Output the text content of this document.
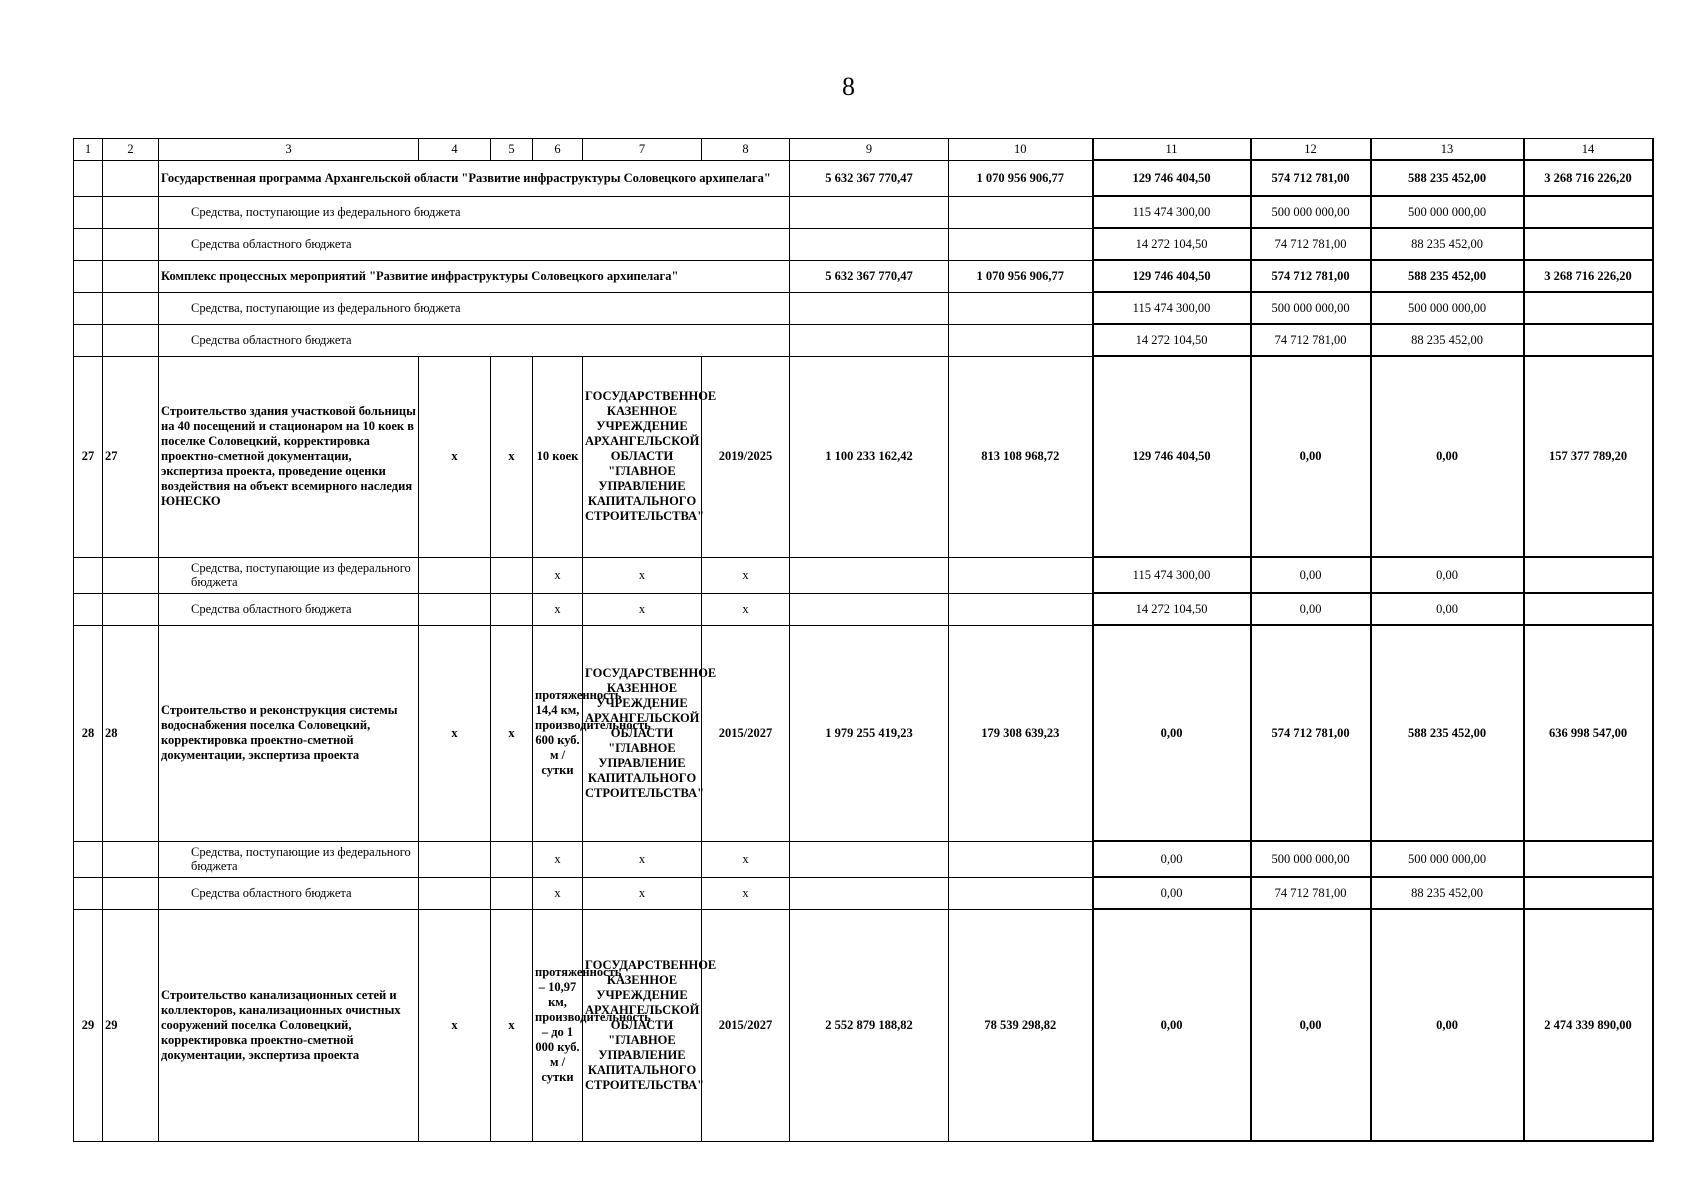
8
1	2	3	4	5	6	7	8	9	10	11	12	13	14
		Государственная программа Архангельской области "Развитие инфраструктуры Соловецкого архипелага"						5 632 367 770,47	1 070 956 906,77	129 746 404,50	574 712 781,00	588 235 452,00	3 268 716 226,20
		Средства, поступающие из федерального бюджета								115 474 300,00	500 000 000,00	500 000 000,00	
		Средства областного бюджета								14 272 104,50	74 712 781,00	88 235 452,00	
		Комплекс процессных мероприятий "Развитие инфраструктуры Соловецкого архипелага"						5 632 367 770,47	1 070 956 906,77	129 746 404,50	574 712 781,00	588 235 452,00	3 268 716 226,20
		Средства, поступающие из федерального бюджета								115 474 300,00	500 000 000,00	500 000 000,00	
		Средства областного бюджета								14 272 104,50	74 712 781,00	88 235 452,00	
27	27	Строительство здания участковой больницы на 40 посещений и стационаром на 10 коек в поселке Соловецкий, корректировка проектно-сметной документации, экспертиза проекта, проведение оценки воздействия на объект всемирного наследия ЮНЕСКО	х	х	10 коек	ГОСУДАРСТВЕННОЕ КАЗЕННОЕ УЧРЕЖДЕНИЕ АРХАНГЕЛЬСКОЙ ОБЛАСТИ "ГЛАВНОЕ УПРАВЛЕНИЕ КАПИТАЛЬНОГО СТРОИТЕЛЬСТВА"	2019/2025	1 100 233 162,42	813 108 968,72	129 746 404,50	0,00	0,00	157 377 789,20
		Средства, поступающие из федерального бюджета			х	х	х			115 474 300,00	0,00	0,00	
		Средства областного бюджета			х	х	х			14 272 104,50	0,00	0,00	
28	28	Строительство и реконструкция системы водоснабжения поселка Соловецкий, корректировка проектно-сметной документации, экспертиза проекта	х	х	протяженность 14,4 км, производительность 600 куб. м / сутки	ГОСУДАРСТВЕННОЕ КАЗЕННОЕ УЧРЕЖДЕНИЕ АРХАНГЕЛЬСКОЙ ОБЛАСТИ "ГЛАВНОЕ УПРАВЛЕНИЕ КАПИТАЛЬНОГО СТРОИТЕЛЬСТВА"	2015/2027	1 979 255 419,23	179 308 639,23	0,00	574 712 781,00	588 235 452,00	636 998 547,00
		Средства, поступающие из федерального бюджета			х	х	х			0,00	500 000 000,00	500 000 000,00	
		Средства областного бюджета			х	х	х			0,00	74 712 781,00	88 235 452,00	
29	29	Строительство канализационных сетей и коллекторов, канализационных очистных сооружений поселка Соловецкий, корректировка проектно-сметной документации, экспертиза проекта	х	х	протяженность – 10,97 км, производительность – до 1 000 куб. м / сутки	ГОСУДАРСТВЕННОЕ КАЗЕННОЕ УЧРЕЖДЕНИЕ АРХАНГЕЛЬСКОЙ ОБЛАСТИ "ГЛАВНОЕ УПРАВЛЕНИЕ КАПИТАЛЬНОГО СТРОИТЕЛЬСТВА"	2015/2027	2 552 879 188,82	78 539 298,82	0,00	0,00	0,00	2 474 339 890,00
